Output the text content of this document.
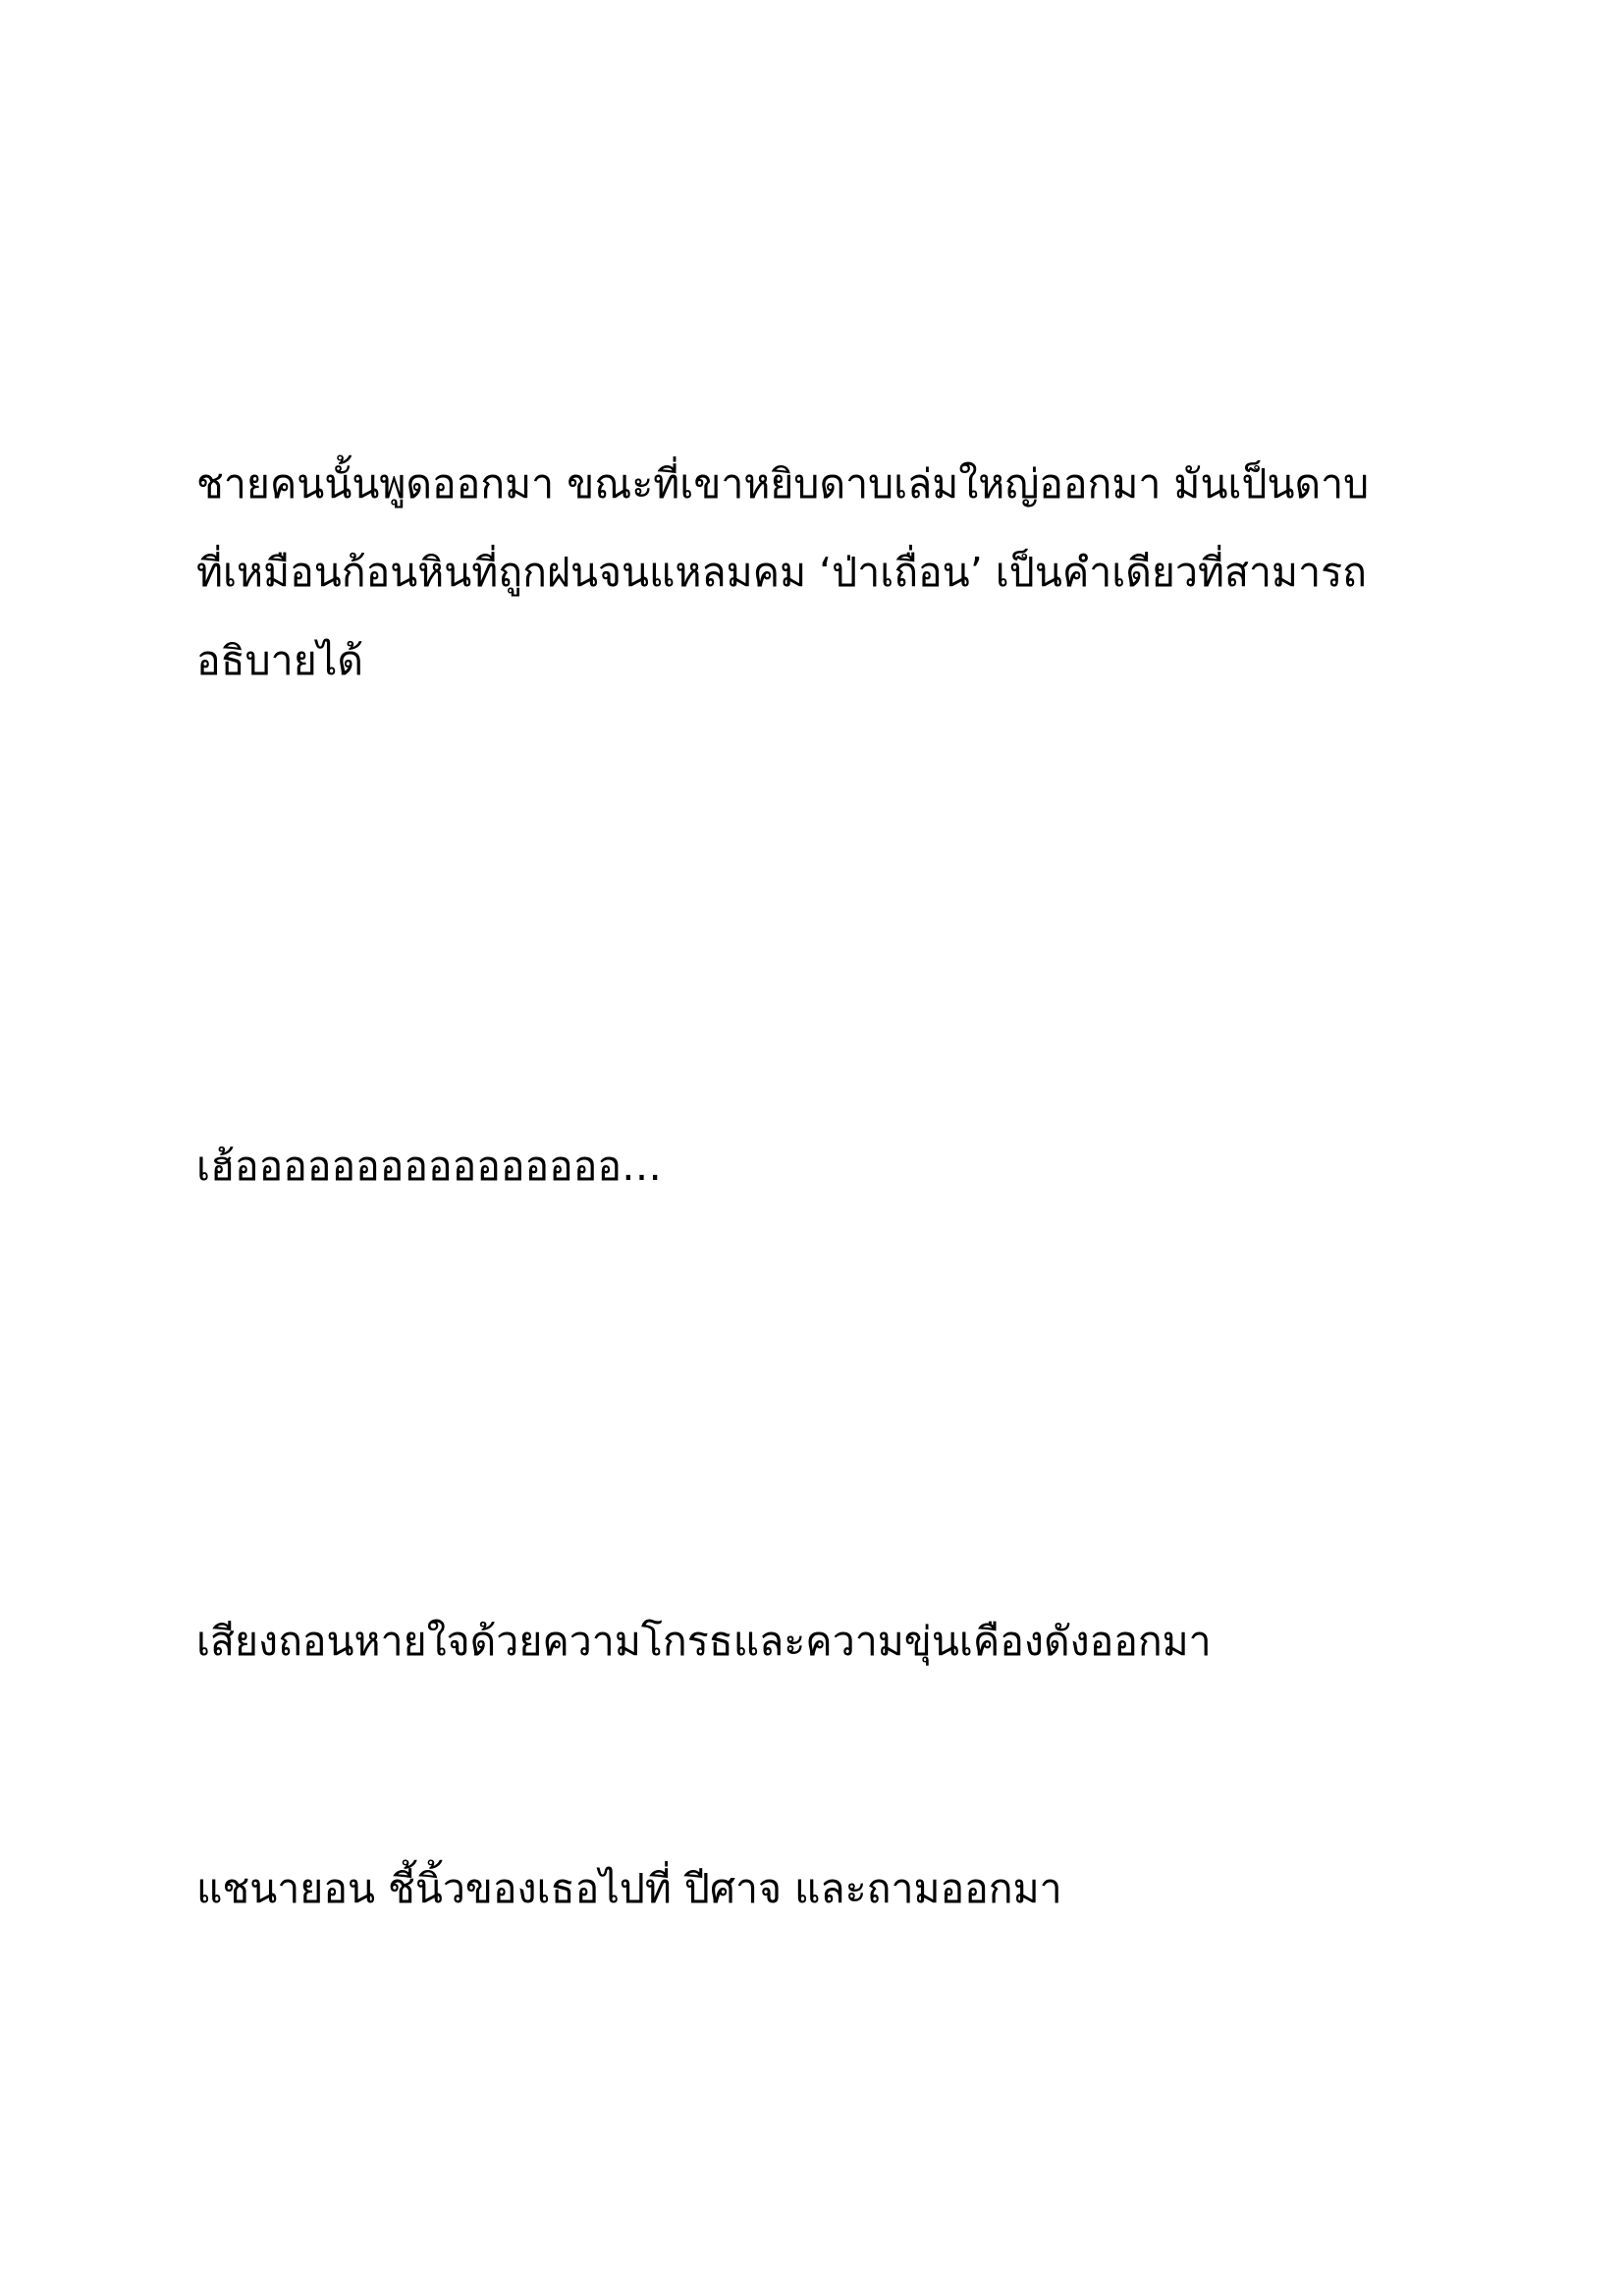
ชายคนนั้นพูดออกมา ขณะที่เขาหยิบดาบเล่มใหญ่ออกมา มันเป็นดาบ
ที่เหมือนก้อนหินที่ถูกฝนจนแหลมคม ‘ป่าเถื่อน’ เป็นคำเดียวที่สามารถ
อธิบายได้

เฮ้ออออออออออออออออ…

เสียงถอนหายใจด้วยความโกรธและความขุ่นเคืองดังออกมา

แชนายอน ชี้นิ้วของเธอไปที่ ปีศาจ และถามออกมา
